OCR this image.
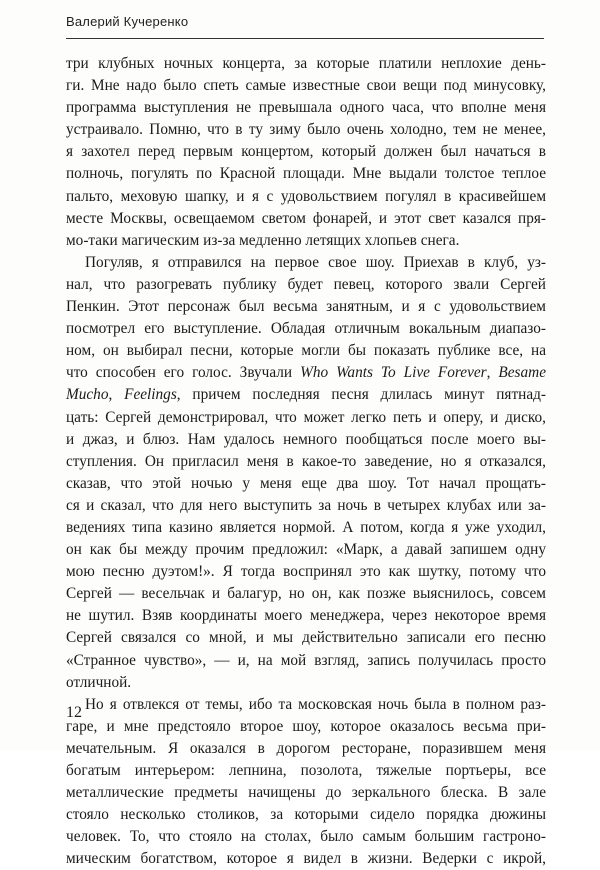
Валерий Кучеренко
три клубных ночных концерта, за которые платили неплохие день-
ги. Мне надо было спеть самые известные свои вещи под минусовку,
программа выступления не превышала одного часа, что вполне меня
устраивало. Помню, что в ту зиму было очень холодно, тем не менее,
я захотел перед первым концертом, который должен был начаться в
полночь, погулять по Красной площади. Мне выдали толстое теплое
пальто, меховую шапку, и я с удовольствием погулял в красивейшем
месте Москвы, освещаемом светом фонарей, и этот свет казался пря-
мо-таки магическим из-за медленно летящих хлопьев снега.
Погуляв, я отправился на первое свое шоу. Приехав в клуб, уз-
нал, что разогревать публику будет певец, которого звали Сергей
Пенкин. Этот персонаж был весьма занятным, и я с удовольствием
посмотрел его выступление. Обладая отличным вокальным диапазо-
ном, он выбирал песни, которые могли бы показать публике все, на
что способен его голос. Звучали Who Wants To Live Forever, Besame
Mucho, Feelings, причем последняя песня длилась минут пятнад-
цать: Сергей демонстрировал, что может легко петь и оперу, и диско,
и джаз, и блюз. Нам удалось немного пообщаться после моего вы-
ступления. Он пригласил меня в какое-то заведение, но я отказался,
сказав, что этой ночью у меня еще два шоу. Тот начал прощать-
ся и сказал, что для него выступить за ночь в четырех клубах или за-
ведениях типа казино является нормой. А потом, когда я уже уходил,
он как бы между прочим предложил: «Марк, а давай запишем одну
мою песню дуэтом!». Я тогда воспринял это как шутку, потому что
Сергей — весельчак и балагур, но он, как позже выяснилось, совсем
не шутил. Взяв координаты моего менеджера, через некоторое время
Сергей связался со мной, и мы действительно записали его песню
«Странное чувство», — и, на мой взгляд, запись получилась просто
отличной.
Но я отвлекся от темы, ибо та московская ночь была в полном раз-
гаре, и мне предстояло второе шоу, которое оказалось весьма при-
мечательным. Я оказался в дорогом ресторане, поразившем меня
богатым интерьером: лепнина, позолота, тяжелые портьеры, все
металлические предметы начищены до зеркального блеска. В зале
стояло несколько столиков, за которыми сидело порядка дюжины
человек. То, что стояло на столах, было самым большим гастроно-
мическим богатством, которое я видел в жизни. Ведерки с икрой,
12
